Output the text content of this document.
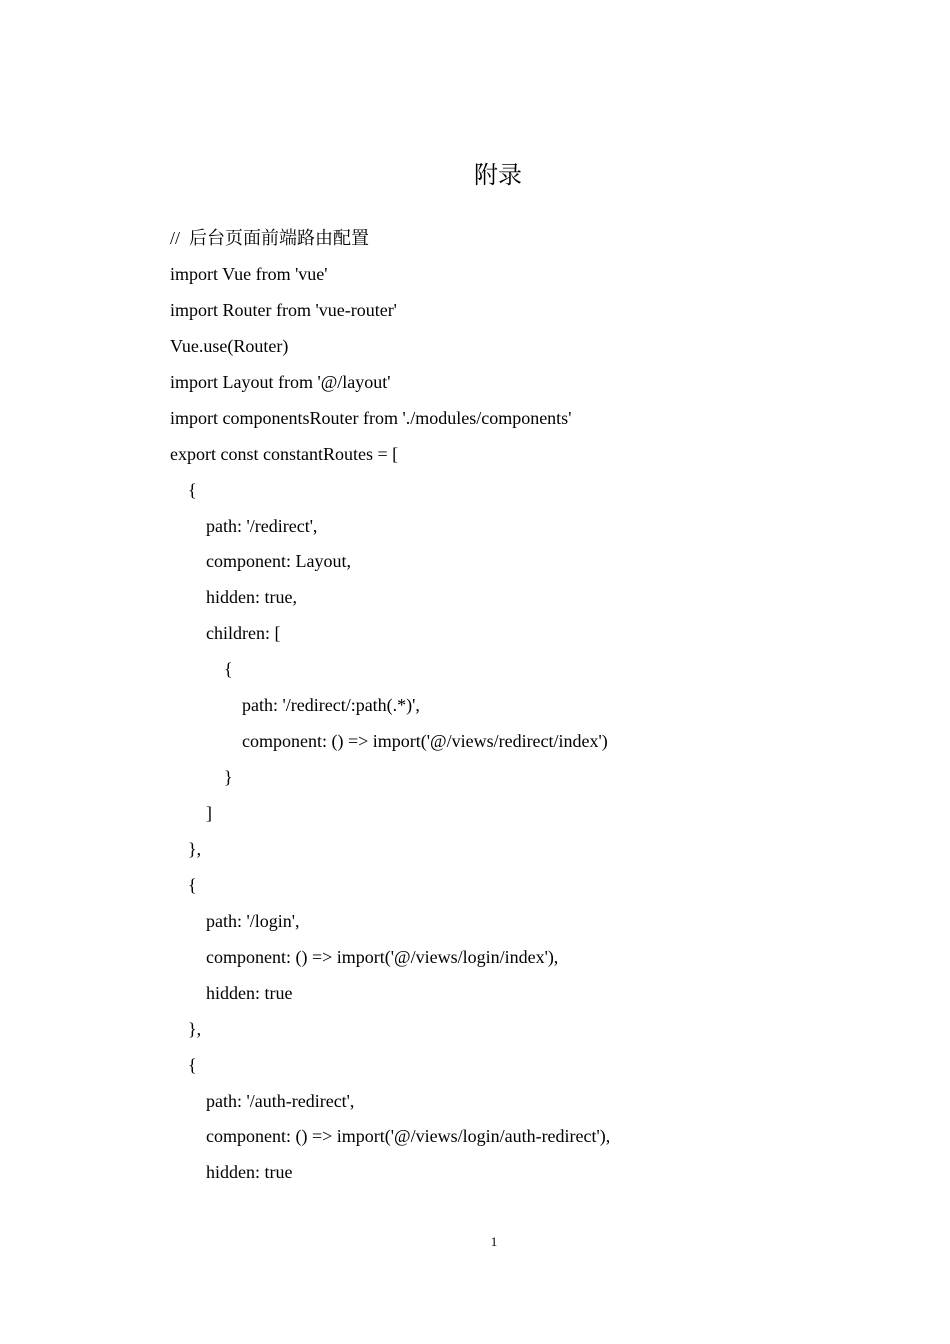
附录
//  后台页面前端路由配置
import Vue from 'vue'
import Router from 'vue-router'
Vue.use(Router)
import Layout from '@/layout'
import componentsRouter from './modules/components'
export const constantRoutes = [
{
path: '/redirect',
component: Layout,
hidden: true,
children: [
{
path: '/redirect/:path(.*)',
component: () => import('@/views/redirect/index')
}
]
},
{
path: '/login',
component: () => import('@/views/login/index'),
hidden: true
},
{
path: '/auth-redirect',
component: () => import('@/views/login/auth-redirect'),
hidden: true
1
